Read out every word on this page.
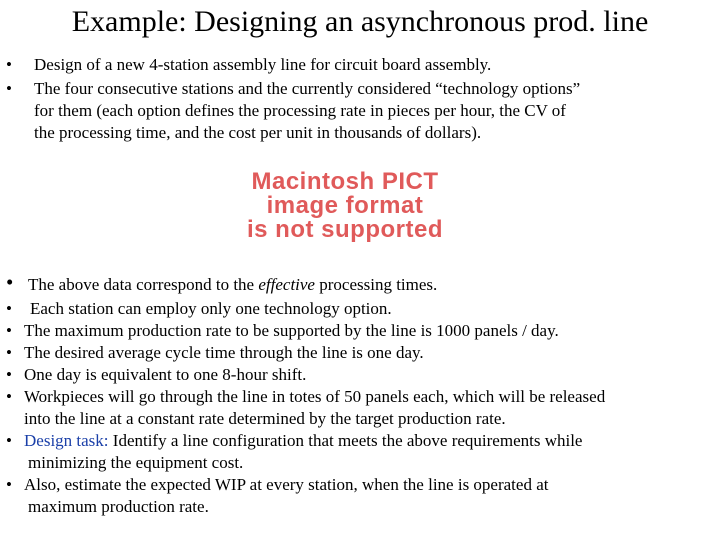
Example: Designing an asynchronous prod. line
• Design of a new 4-station assembly line for circuit board assembly.
• The four consecutive stations and the currently considered “technology options”
for them (each option defines the processing rate in pieces per hour, the CV of
the processing time, and the cost per unit in thousands of dollars).
Macintosh PICT
image format
is not supported
• The above data correspond to the effective processing times.
• Each station can employ only one technology option.
• The maximum production rate to be supported by the line is 1000 panels / day.
• The desired average cycle time through the line is one day.
• One day is equivalent to one 8-hour shift.
• Workpieces will go through the line in totes of 50 panels each, which will be released
into the line at a constant rate determined by the target production rate.
• Design task: Identify a line configuration that meets the above requirements while
minimizing the equipment cost.
• Also, estimate the expected WIP at every station, when the line is operated at
maximum production rate.
